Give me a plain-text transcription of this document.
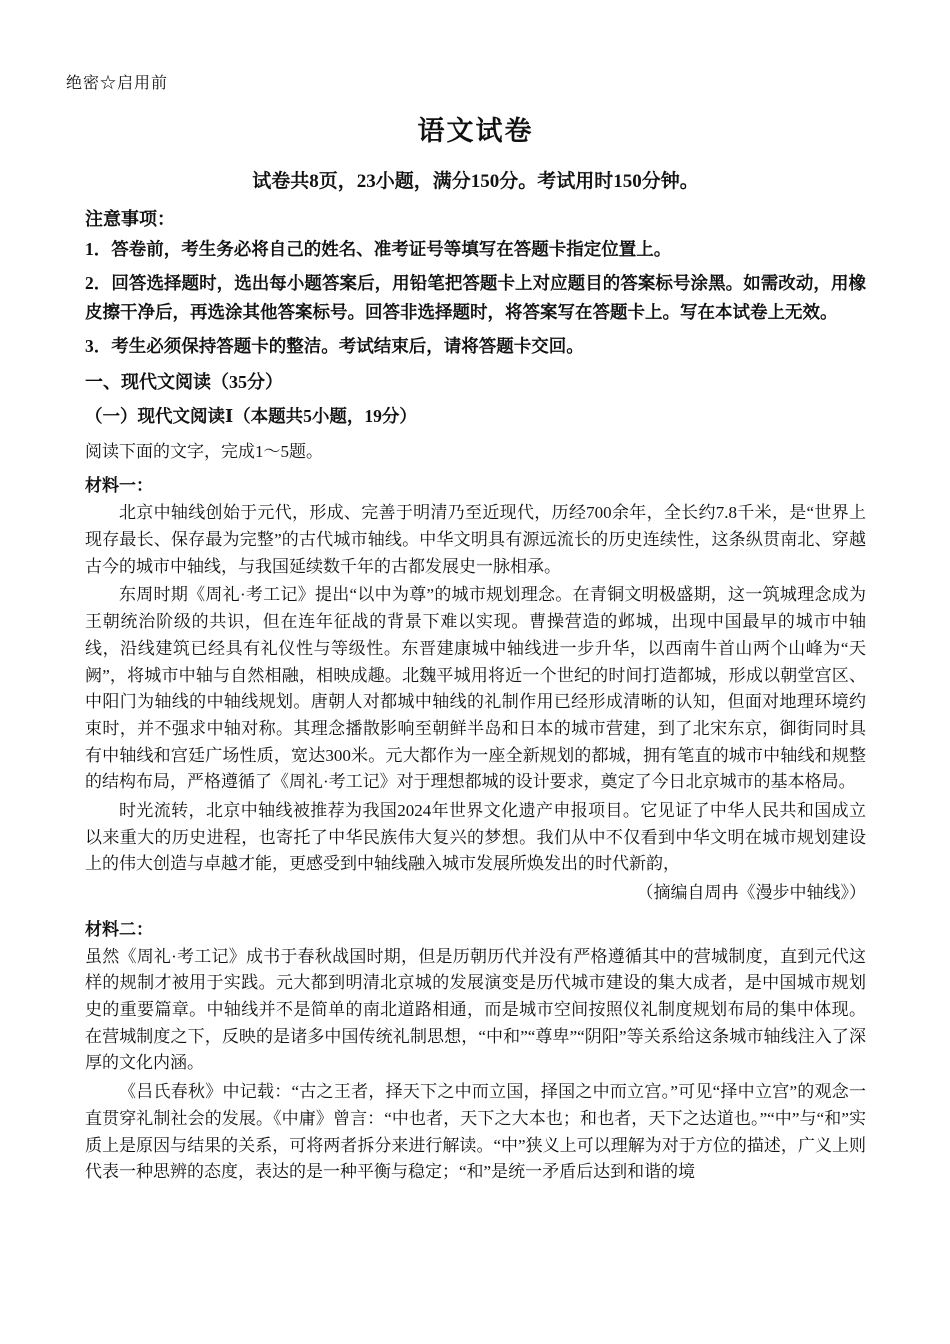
绝密☆启用前
语文试卷
试卷共8页，23小题，满分150分。考试用时150分钟。
注意事项：
1．答卷前，考生务必将自己的姓名、准考证号等填写在答题卡指定位置上。
2．回答选择题时，选出每小题答案后，用铅笔把答题卡上对应题目的答案标号涂黑。如需改动，用橡皮擦干净后，再选涂其他答案标号。回答非选择题时，将答案写在答题卡上。写在本试卷上无效。
3．考生必须保持答题卡的整洁。考试结束后，请将答题卡交回。
一、现代文阅读（35分）
（一）现代文阅读Ⅰ（本题共5小题，19分）
阅读下面的文字，完成1～5题。
材料一：

北京中轴线创始于元代，形成、完善于明清乃至近现代，历经700余年，全长约7.8千米，是“世界上现存最长、保存最为完整”的古代城市轴线。中华文明具有源远流长的历史连续性，这条纵贯南北、穿越古今的城市中轴线，与我国延续数千年的古都发展史一脉相承。

东周时期《周礼·考工记》提出“以中为尊”的城市规划理念。在青铜文明极盛期，这一筑城理念成为王朝统治阶级的共识，但在连年征战的背景下难以实现。曹操营造的邺城，出现中国最早的城市中轴线，沿线建筑已经具有礼仪性与等级性。东晋建康城中轴线进一步升华，以西南牛首山两个山峰为“天阙”，将城市中轴与自然相融，相映成趣。北魏平城用将近一个世纪的时间打造都城，形成以朝堂宫区、中阳门为轴线的中轴线规划。唐朝人对都城中轴线的礼制作用已经形成清晰的认知，但面对地理环境约束时，并不强求中轴对称。其理念播散影响至朝鲜半岛和日本的城市营建，到了北宋东京，御街同时具有中轴线和宫廷广场性质，宽达300米。元大都作为一座全新规划的都城，拥有笔直的城市中轴线和规整的结构布局，严格遵循了《周礼·考工记》对于理想都城的设计要求，奠定了今日北京城市的基本格局。

时光流转，北京中轴线被推荐为我国2024年世界文化遗产申报项目。它见证了中华人民共和国成立以来重大的历史进程，也寄托了中华民族伟大复兴的梦想。我们从中不仅看到中华文明在城市规划建设上的伟大创造与卓越才能，更感受到中轴线融入城市发展所焕发出的时代新韵，

（摘编自周冉《漫步中轴线》）
材料二：

虽然《周礼·考工记》成书于春秋战国时期，但是历朝历代并没有严格遵循其中的营城制度，直到元代这样的规制才被用于实践。元大都到明清北京城的发展演变是历代城市建设的集大成者，是中国城市规划史的重要篇章。中轴线并不是简单的南北道路相通，而是城市空间按照仪礼制度规划布局的集中体现。在营城制度之下，反映的是诸多中国传统礼制思想，“中和”“尊卑”“阴阳”等关系给这条城市轴线注入了深厚的文化内涵。

《吕氏春秋》中记载：“古之王者，择天下之中而立国，择国之中而立宫。”可见“择中立宫”的观念一直贯穿礼制社会的发展。《中庸》曾言：“中也者，天下之大本也；和也者，天下之达道也。”“中”与“和”实质上是原因与结果的关系，可将两者拆分来进行解读。“中”狭义上可以理解为对于方位的描述，广义上则代表一种思辨的态度，表达的是一种平衡与稳定；“和”是统一矛盾后达到和谐的境
